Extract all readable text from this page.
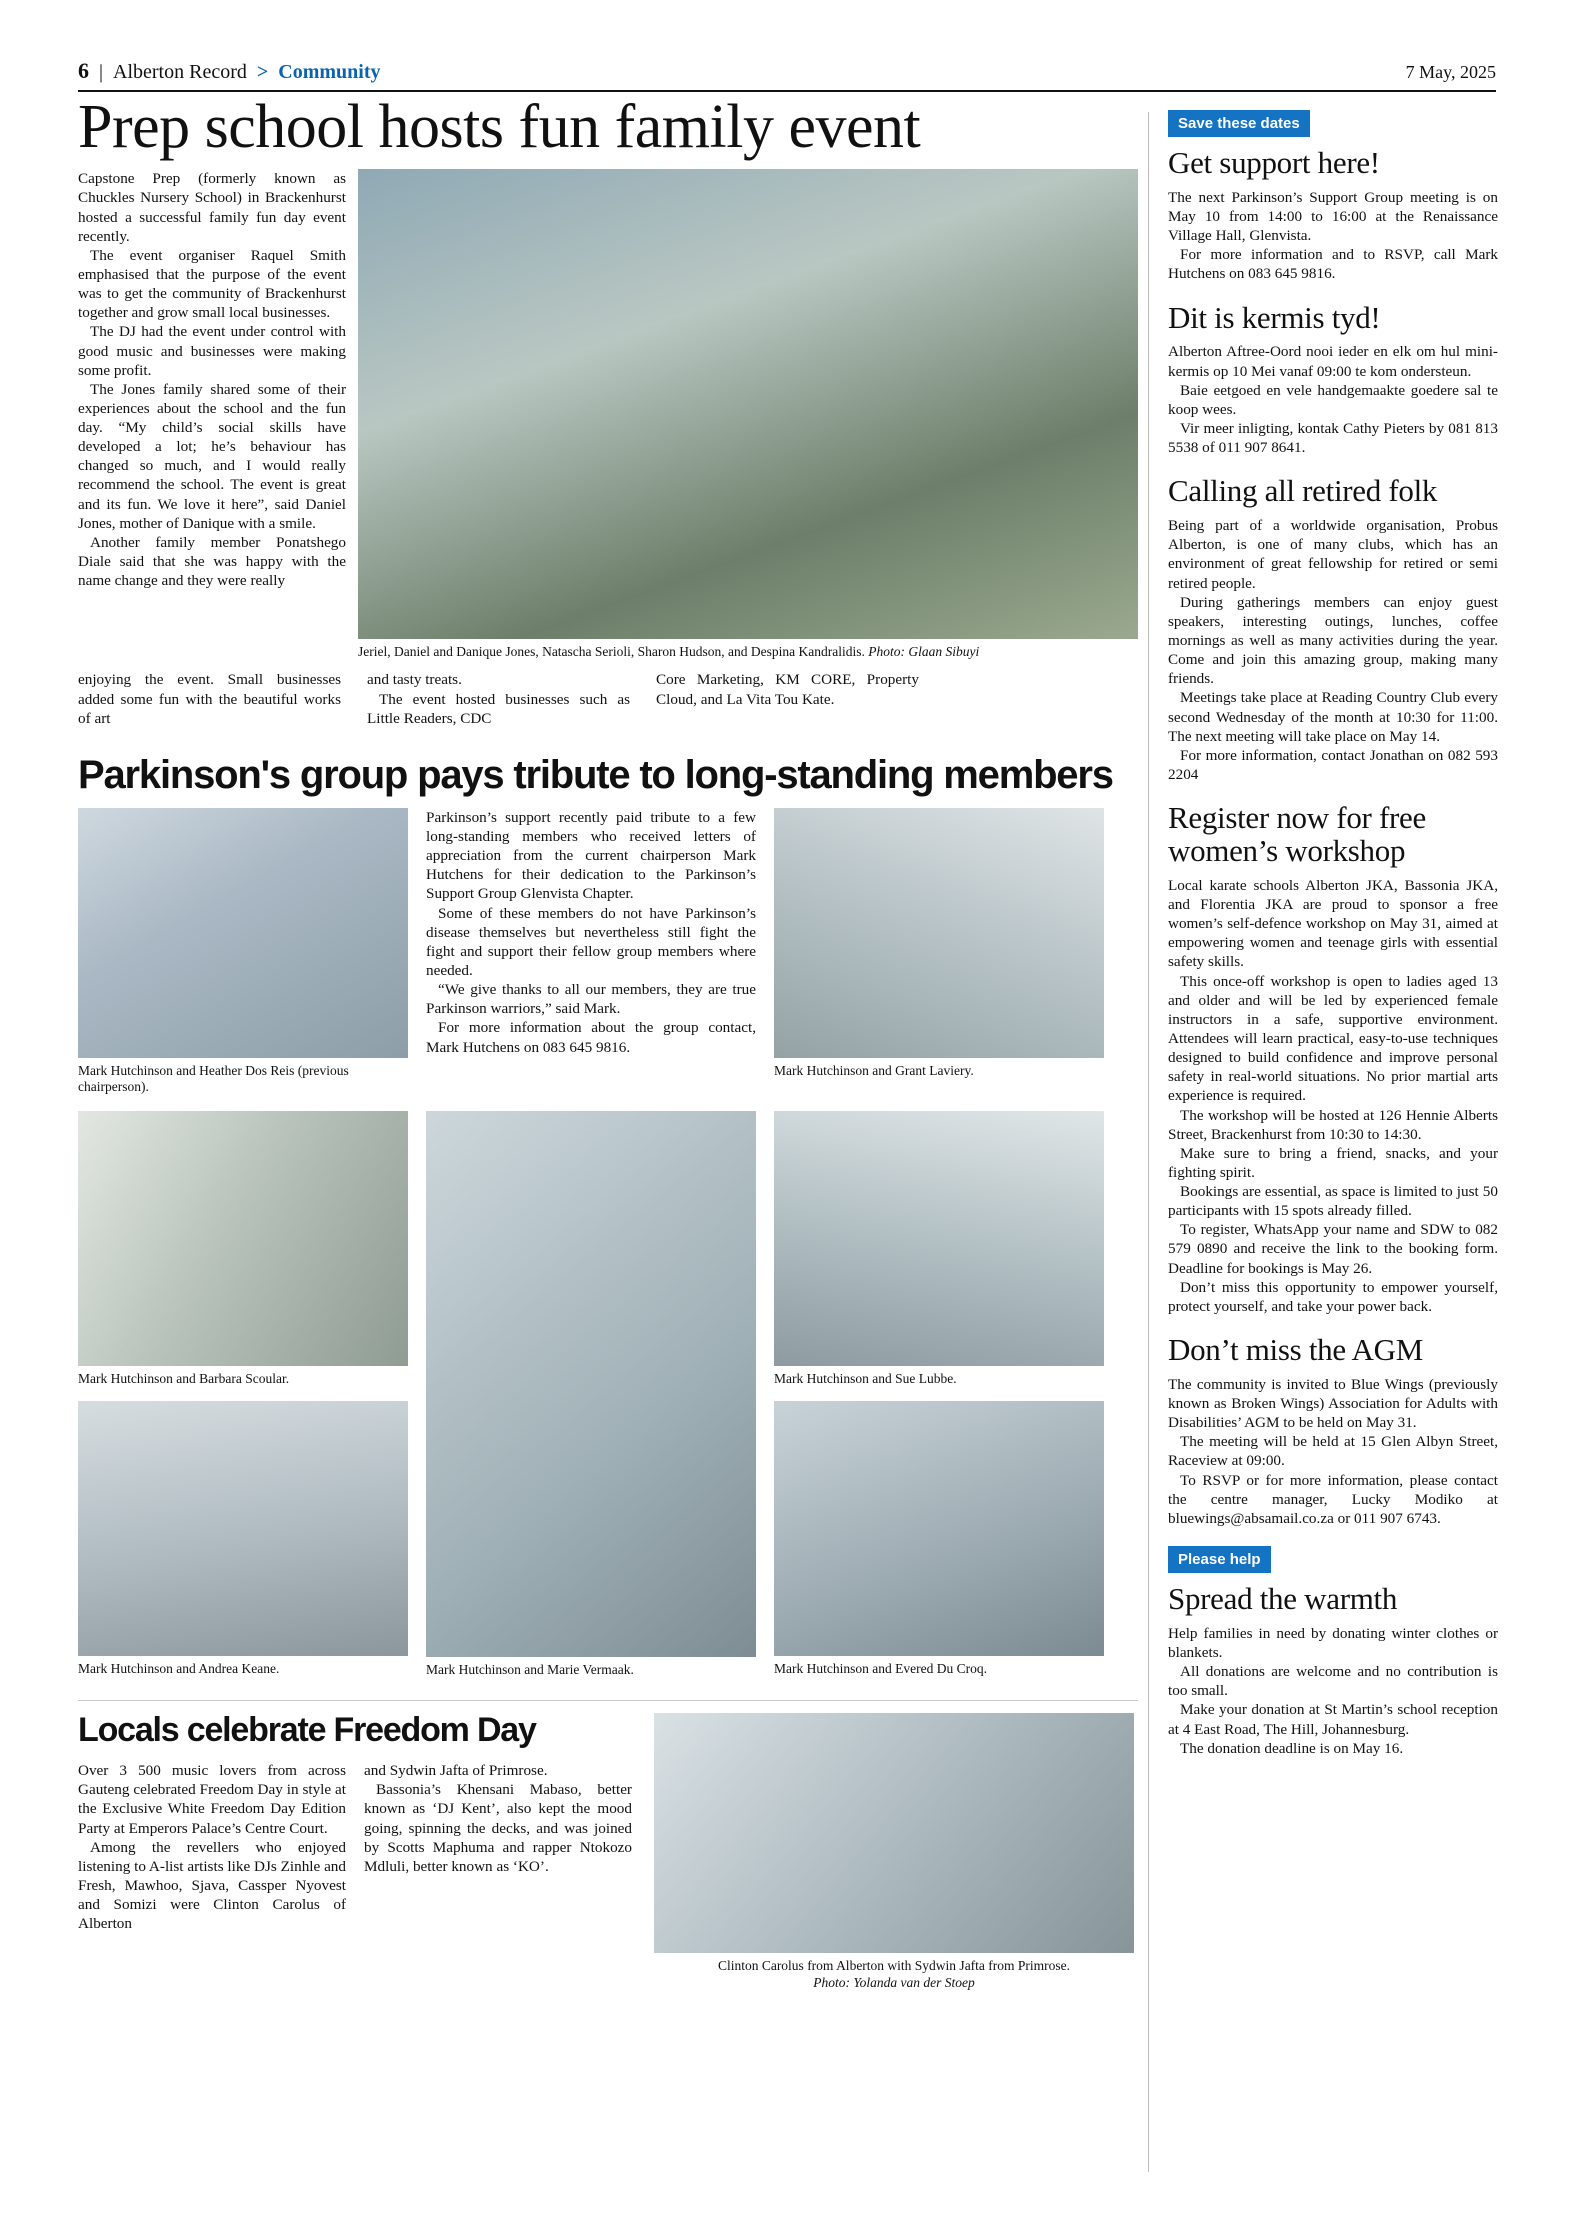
6 | Alberton Record > Community	7 May, 2025
Prep school hosts fun family event

Capstone Prep (formerly known as Chuckles Nursery School) in Brackenhurst hosted a successful family fun day event recently.

The event organiser Raquel Smith emphasised that the purpose of the event was to get the community of Brackenhurst together and grow small local businesses.

The DJ had the event under control with good music and businesses were making some profit.

The Jones family shared some of their experiences about the school and the fun day. “My child’s social skills have developed a lot; he’s behaviour has changed so much, and I would really recommend the school. The event is great and its fun. We love it here”, said Daniel Jones, mother of Danique with a smile.

Another family member Ponatshego Diale said that she was happy with the name change and they were really

Jeriel, Daniel and Danique Jones, Natascha Serioli, Sharon Hudson, and Despina Kandralidis. Photo: Glaan Sibuyi

enjoying the event. Small businesses added some fun with the beautiful works of art

and tasty treats.

The event hosted businesses such as Little Readers, CDC

Core Marketing, KM CORE, Property Cloud, and La Vita Tou Kate.

Parkinson's group pays tribute to long-standing members
Mark Hutchinson and Heather Dos Reis (previous chairperson).

Parkinson’s support recently paid tribute to a few long-standing members who received letters of appreciation from the current chairperson Mark Hutchens for their dedication to the Parkinson’s Support Group Glenvista Chapter.

Some of these members do not have Parkinson’s disease themselves but nevertheless still fight the fight and support their fellow group members where needed.

“We give thanks to all our members, they are true Parkinson warriors,” said Mark.

For more information about the group contact, Mark Hutchens on 083 645 9816.

Mark Hutchinson and Grant Laviery.
Mark Hutchinson and Barbara Scoular.
Mark Hutchinson and Andrea Keane.	Mark Hutchinson and Marie Vermaak.
Mark Hutchinson and Sue Lubbe.
Mark Hutchinson and Evered Du Croq.
Locals celebrate Freedom Day

Over 3 500 music lovers from across Gauteng celebrated Freedom Day in style at the Exclusive White Freedom Day Edition Party at Emperors Palace’s Centre Court.

Among the revellers who enjoyed listening to A-list artists like DJs Zinhle and Fresh, Mawhoo, Sjava, Cassper Nyovest and Somizi were Clinton Carolus of Alberton

and Sydwin Jafta of Primrose.

Bassonia’s Khensani Mabaso, better known as ‘DJ Kent’, also kept the mood going, spinning the decks, and was joined by Scotts Maphuma and rapper Ntokozo Mdluli, better known as ‘KO’.

Clinton Carolus from Alberton with Sydwin Jafta from Primrose.
Photo: Yolanda van der Stoep
Save these dates
Get support here!

The next Parkinson’s Support Group meeting is on May 10 from 14:00 to 16:00 at the Renaissance Village Hall, Glenvista.

For more information and to RSVP, call Mark Hutchens on 083 645 9816.

Dit is kermis tyd!

Alberton Aftree-Oord nooi ieder en elk om hul mini-kermis op 10 Mei vanaf 09:00 te kom ondersteun.

Baie eetgoed en vele handgemaakte goedere sal te koop wees.

Vir meer inligting, kontak Cathy Pieters by 081 813 5538 of 011 907 8641.

Calling all retired folk

Being part of a worldwide organisation, Probus Alberton, is one of many clubs, which has an environment of great fellowship for retired or semi retired people.

During gatherings members can enjoy guest speakers, interesting outings, lunches, coffee mornings as well as many activities during the year. Come and join this amazing group, making many friends.

Meetings take place at Reading Country Club every second Wednesday of the month at 10:30 for 11:00. The next meeting will take place on May 14.

For more information, contact Jonathan on 082 593 2204

Register now for free women’s workshop

Local karate schools Alberton JKA, Bassonia JKA, and Florentia JKA are proud to sponsor a free women’s self-defence workshop on May 31, aimed at empowering women and teenage girls with essential safety skills.

This once-off workshop is open to ladies aged 13 and older and will be led by experienced female instructors in a safe, supportive environment. Attendees will learn practical, easy-to-use techniques designed to build confidence and improve personal safety in real-world situations. No prior martial arts experience is required.

The workshop will be hosted at 126 Hennie Alberts Street, Brackenhurst from 10:30 to 14:30.

Make sure to bring a friend, snacks, and your fighting spirit.

Bookings are essential, as space is limited to just 50 participants with 15 spots already filled.

To register, WhatsApp your name and SDW to 082 579 0890 and receive the link to the booking form. Deadline for bookings is May 26.

Don’t miss this opportunity to empower yourself, protect yourself, and take your power back.

Don’t miss the AGM

The community is invited to Blue Wings (previously known as Broken Wings) Association for Adults with Disabilities’ AGM to be held on May 31.

The meeting will be held at 15 Glen Albyn Street, Raceview at 09:00.

To RSVP or for more information, please contact the centre manager, Lucky Modiko at bluewings@absamail.co.za or 011 907 6743.

Please help
Spread the warmth

Help families in need by donating winter clothes or blankets.

All donations are welcome and no contribution is too small.

Make your donation at St Martin’s school reception at 4 East Road, The Hill, Johannesburg.

The donation deadline is on May 16.
